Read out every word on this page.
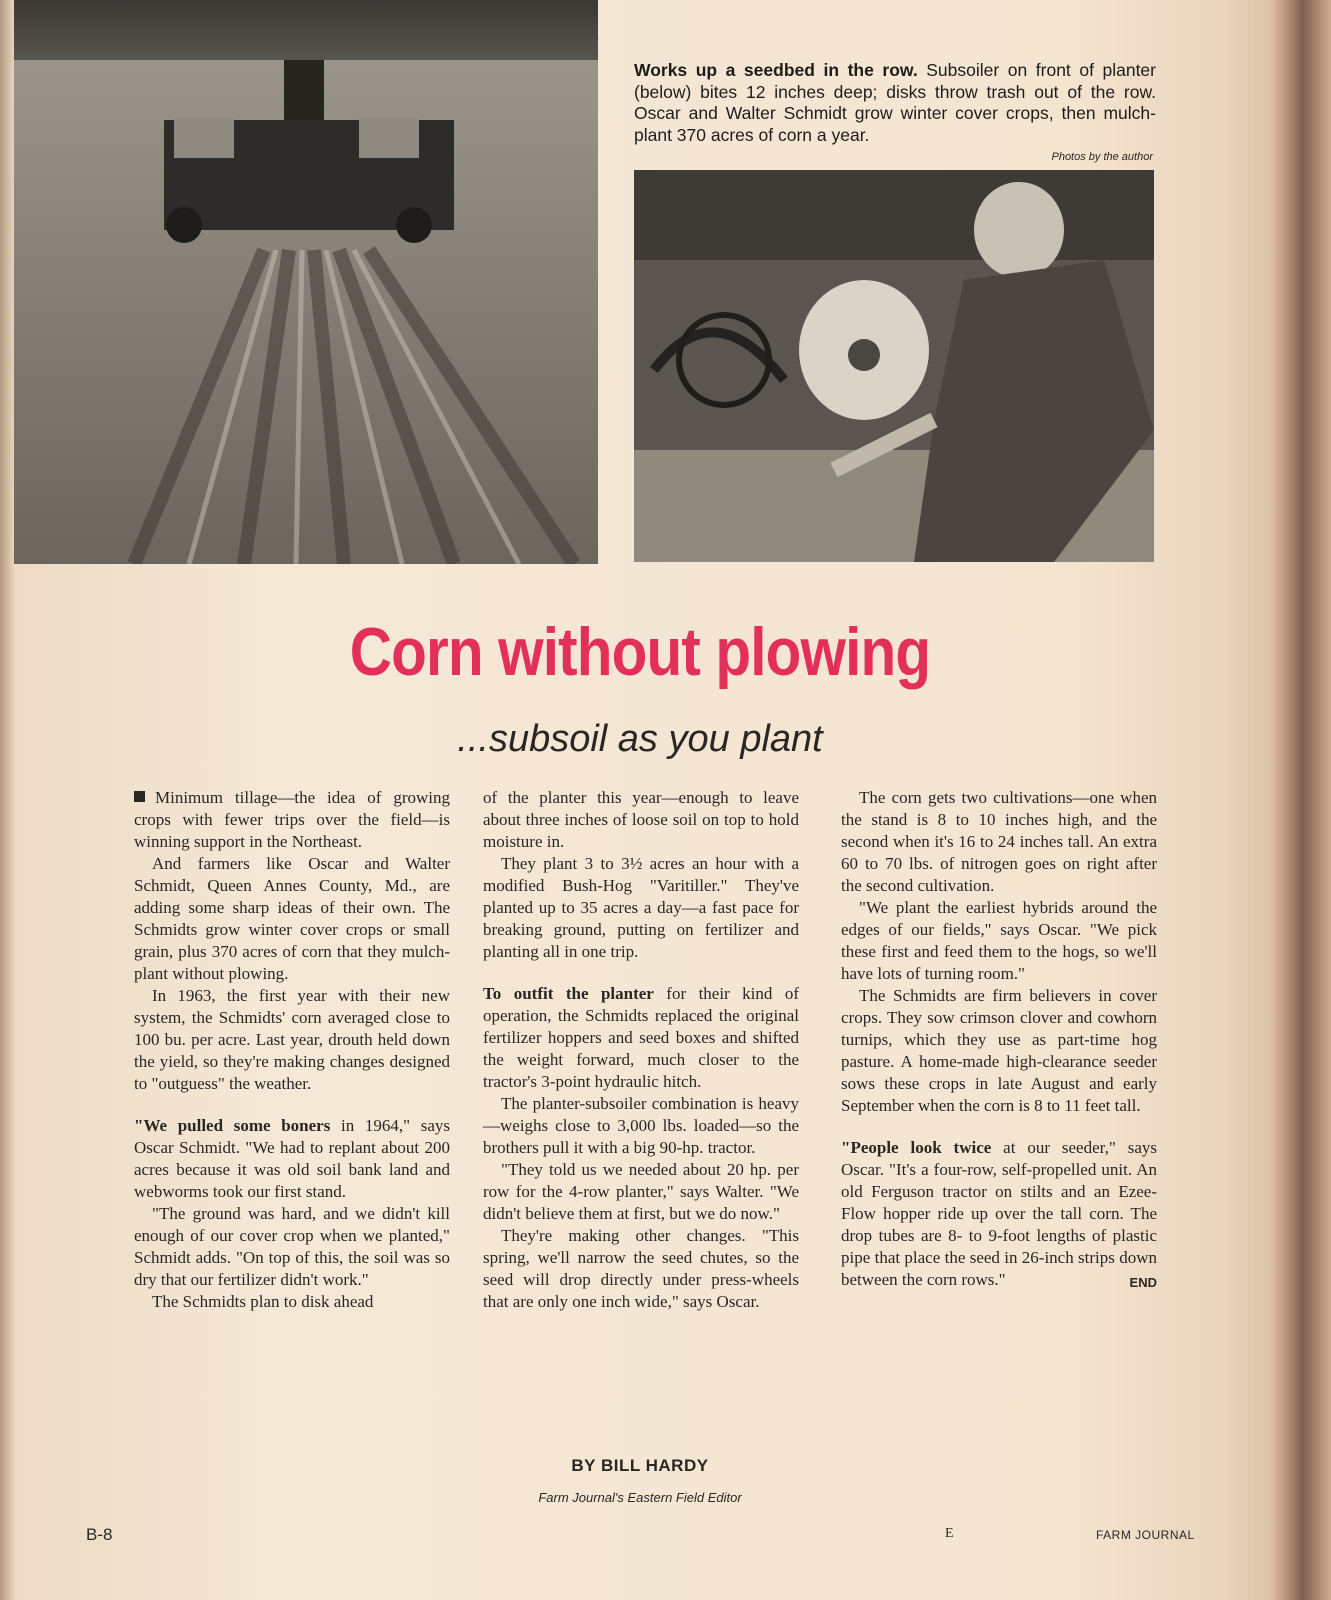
Works up a seedbed in the row. Subsoiler on front of planter (below) bites 12 inches deep; disks throw trash out of the row. Oscar and Walter Schmidt grow winter cover crops, then mulch-plant 370 acres of corn a year.
Photos by the author
Corn without plowing
...subsoil as you plant

Minimum tillage—the idea of growing crops with fewer trips over the field—is winning support in the Northeast.

And farmers like Oscar and Walter Schmidt, Queen Annes County, Md., are adding some sharp ideas of their own. The Schmidts grow winter cover crops or small grain, plus 370 acres of corn that they mulch-plant without plowing.

In 1963, the first year with their new system, the Schmidts' corn averaged close to 100 bu. per acre. Last year, drouth held down the yield, so they're making changes designed to "outguess" the weather.

"We pulled some boners in 1964," says Oscar Schmidt. "We had to replant about 200 acres because it was old soil bank land and webworms took our first stand.

"The ground was hard, and we didn't kill enough of our cover crop when we planted," Schmidt adds. "On top of this, the soil was so dry that our fertilizer didn't work."

The Schmidts plan to disk ahead

of the planter this year—enough to leave about three inches of loose soil on top to hold moisture in.

They plant 3 to 3½ acres an hour with a modified Bush-Hog "Varitiller." They've planted up to 35 acres a day—a fast pace for breaking ground, putting on fertilizer and planting all in one trip.

To outfit the planter for their kind of operation, the Schmidts replaced the original fertilizer hoppers and seed boxes and shifted the weight forward, much closer to the tractor's 3-point hydraulic hitch.

The planter-subsoiler combination is heavy—weighs close to 3,000 lbs. loaded—so the brothers pull it with a big 90-hp. tractor.

"They told us we needed about 20 hp. per row for the 4-row planter," says Walter. "We didn't believe them at first, but we do now."

They're making other changes. "This spring, we'll narrow the seed chutes, so the seed will drop directly under press-wheels that are only one inch wide," says Oscar.

The corn gets two cultivations—one when the stand is 8 to 10 inches high, and the second when it's 16 to 24 inches tall. An extra 60 to 70 lbs. of nitrogen goes on right after the second cultivation.

"We plant the earliest hybrids around the edges of our fields," says Oscar. "We pick these first and feed them to the hogs, so we'll have lots of turning room."

The Schmidts are firm believers in cover crops. They sow crimson clover and cowhorn turnips, which they use as part-time hog pasture. A home-made high-clearance seeder sows these crops in late August and early September when the corn is 8 to 11 feet tall.

"People look twice at our seeder," says Oscar. "It's a four-row, self-propelled unit. An old Ferguson tractor on stilts and an Ezee-Flow hopper ride up over the tall corn. The drop tubes are 8- to 9-foot lengths of plastic pipe that place the seed in 26-inch strips down between the corn rows."	END

BY BILL HARDY
Farm Journal's Eastern Field Editor
B-8	E	FARM JOURNAL
